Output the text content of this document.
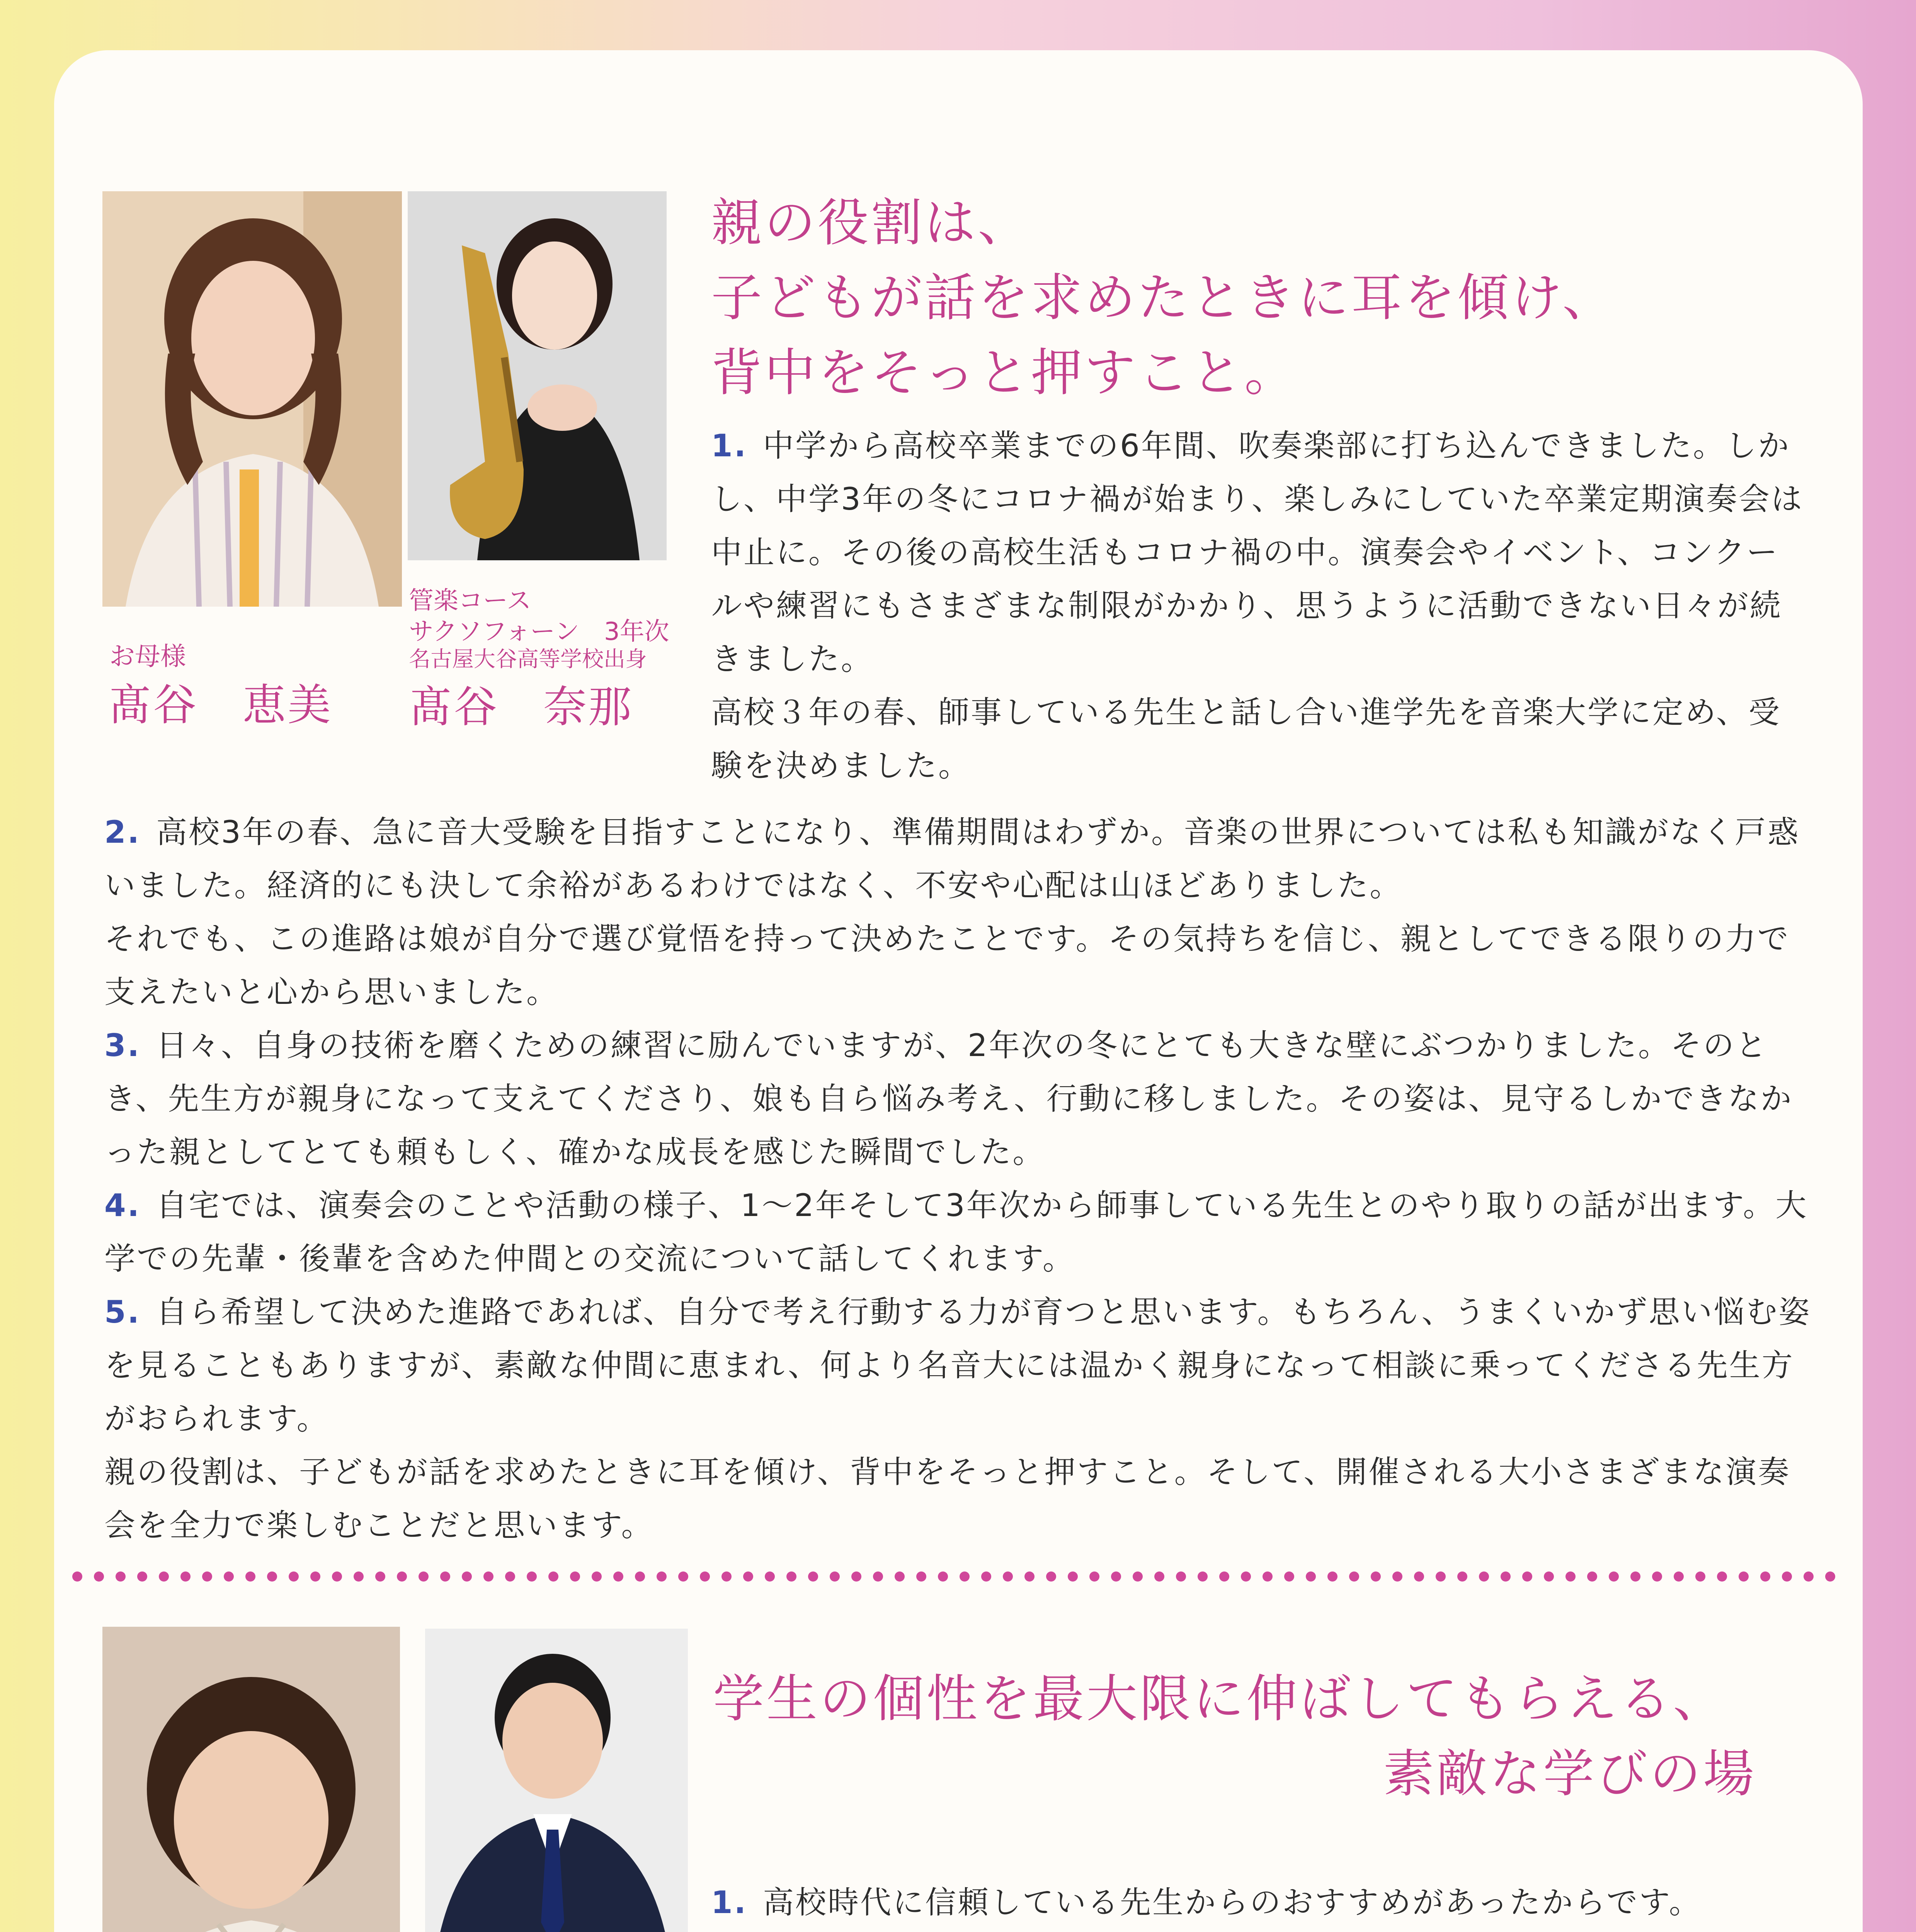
お母様
髙谷　恵美
管楽コース
サクソフォーン　3年次
名古屋大谷高等学校出身
髙谷　奈那
親の役割は、
子どもが話を求めたときに耳を傾け、
背中をそっと押すこと。

1. 中学から高校卒業までの6年間、吹奏楽部に打ち込んできました。しかし、中学3年の冬にコロナ禍が始まり、楽しみにしていた卒業定期演奏会は中止に。その後の高校生活もコロナ禍の中。演奏会やイベント、コンクールや練習にもさまざまな制限がかかり、思うように活動できない日々が続きました。

高校３年の春、師事している先生と話し合い進学先を音楽大学に定め、受験を決めました。

2. 高校3年の春、急に音大受験を目指すことになり、準備期間はわずか。音楽の世界については私も知識がなく戸惑いました。経済的にも決して余裕があるわけではなく、不安や心配は山ほどありました。

それでも、この進路は娘が自分で選び覚悟を持って決めたことです。その気持ちを信じ、親としてできる限りの力で支えたいと心から思いました。

3. 日々、自身の技術を磨くための練習に励んでいますが、2年次の冬にとても大きな壁にぶつかりました。そのとき、先生方が親身になって支えてくださり、娘も自ら悩み考え、行動に移しました。その姿は、見守るしかできなかった親としてとても頼もしく、確かな成長を感じた瞬間でした。

4. 自宅では、演奏会のことや活動の様子、1～2年そして3年次から師事している先生とのやり取りの話が出ます。大学での先輩・後輩を含めた仲間との交流について話してくれます。

5. 自ら希望して決めた進路であれば、自分で考え行動する力が育つと思います。もちろん、うまくいかず思い悩む姿を見ることもありますが、素敵な仲間に恵まれ、何より名音大には温かく親身になって相談に乗ってくださる先生方がおられます。

親の役割は、子どもが話を求めたときに耳を傾け、背中をそっと押すこと。そして、開催される大小さまざまな演奏会を全力で楽しむことだと思います。

学生の個性を最大限に伸ばしてもらえる、
素敵な学びの場

1. 高校時代に信頼している先生からのおすすめがあったからです。
